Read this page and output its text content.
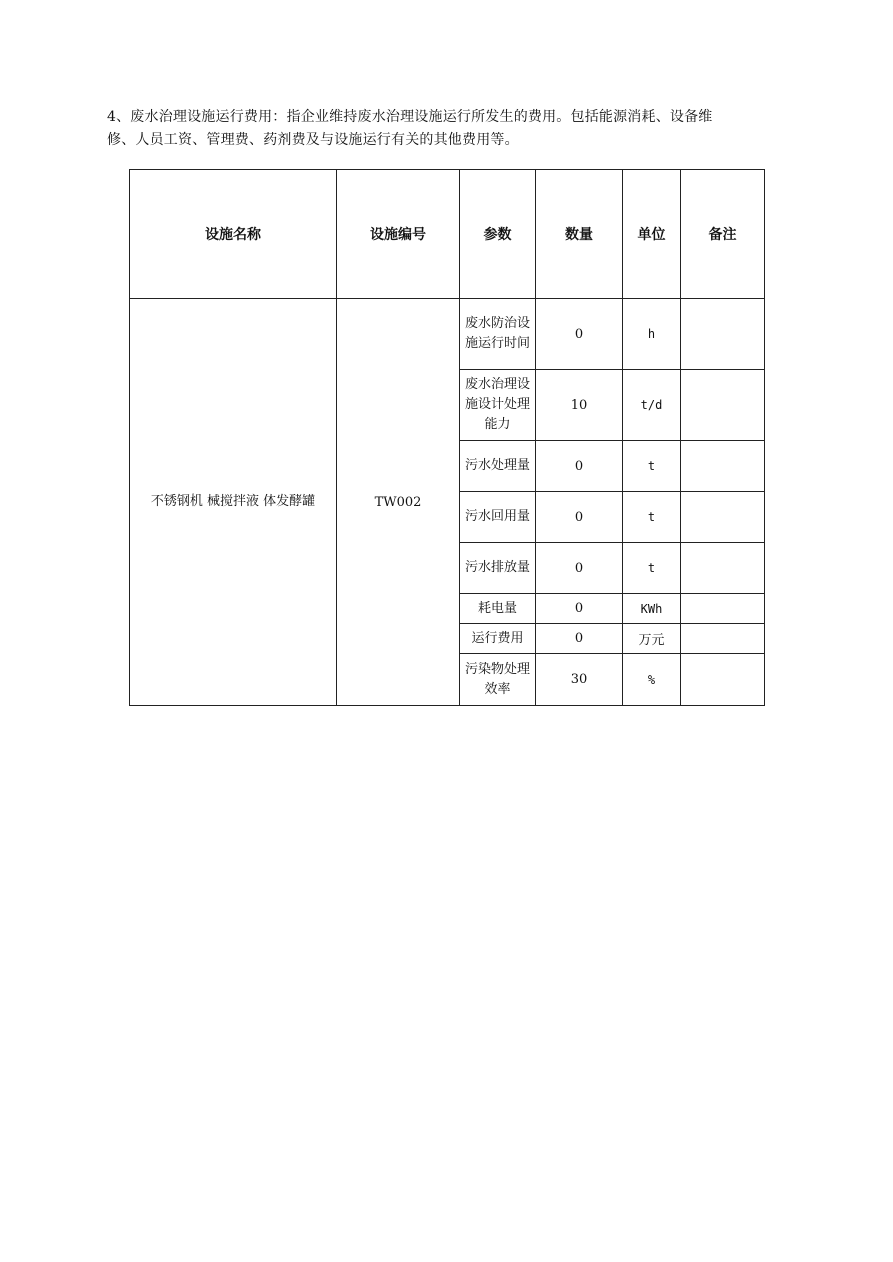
4、废水治理设施运行费用：指企业维持废水治理设施运行所发生的费用。包括能源消耗、设备维

修、人员工资、管理费、药剂费及与设施运行有关的其他费用等。

设施名称	设施编号	参数	数量	单位	备注
不锈钢机 械搅拌液 体发酵罐	TW002	废水防治设施运行时间	0	h	
		废水治理设施设计处理能力	10	t/d	
		污水处理量	0	t	
		污水回用量	0	t	
		污水排放量	0	t	
		耗电量	0	KWh	
		运行费用	0	万元	
		污染物处理效率	30	%	
